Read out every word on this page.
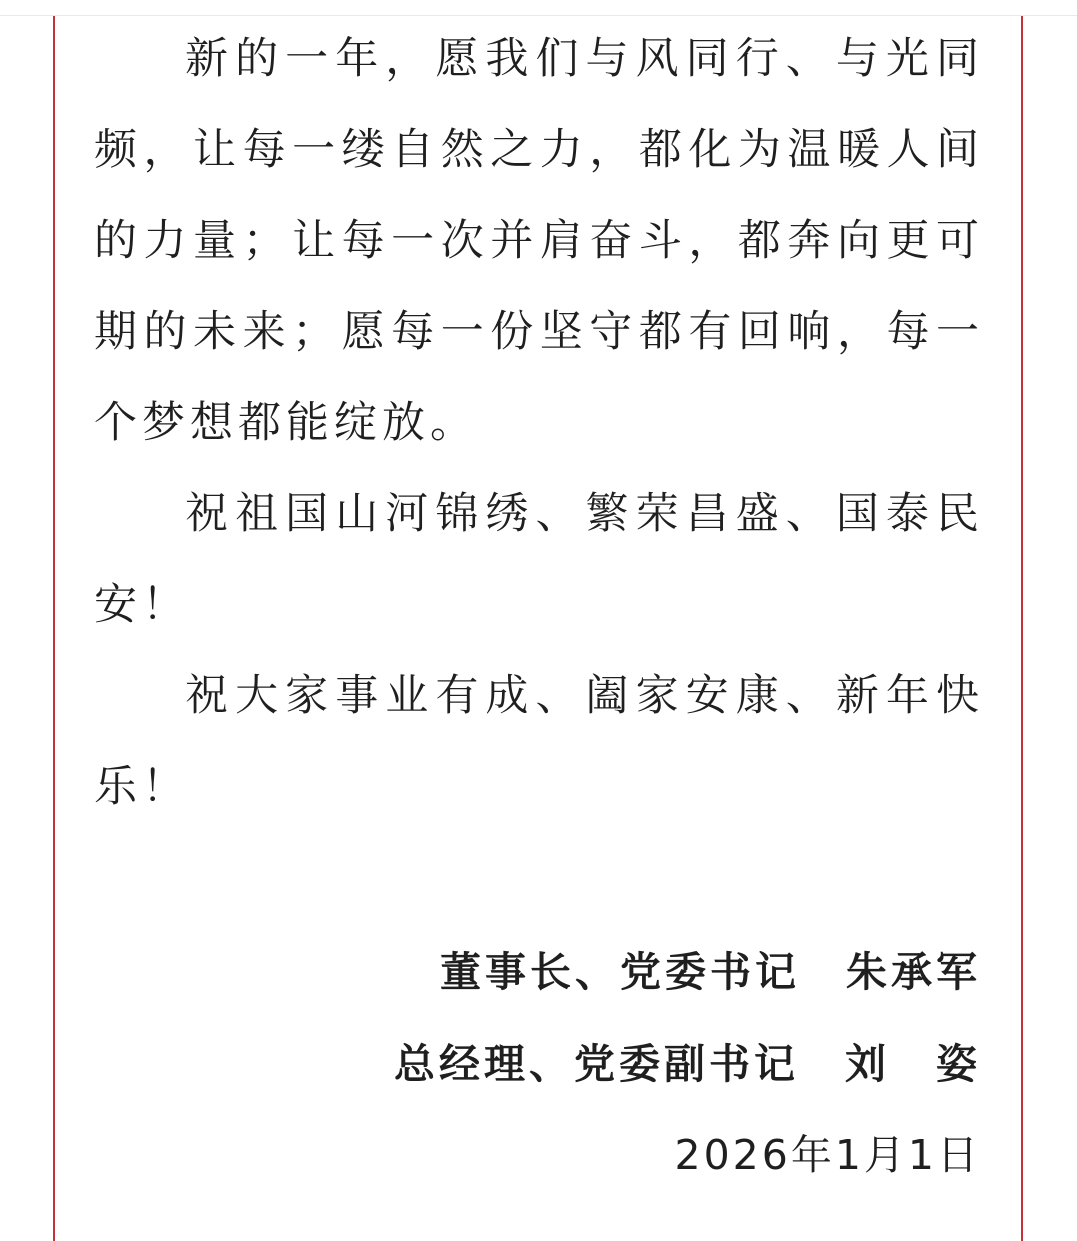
新的一年，愿我们与风同行、与光同频，让每一缕自然之力，都化为温暖人间的力量；让每一次并肩奋斗，都奔向更可期的未来；愿每一份坚守都有回响，每一个梦想都能绽放。

祝祖国山河锦绣、繁荣昌盛、国泰民安！

祝大家事业有成、阖家安康、新年快乐！

董事长、党委书记 朱承军
总经理、党委副书记 刘 姿
2026年1月1日
